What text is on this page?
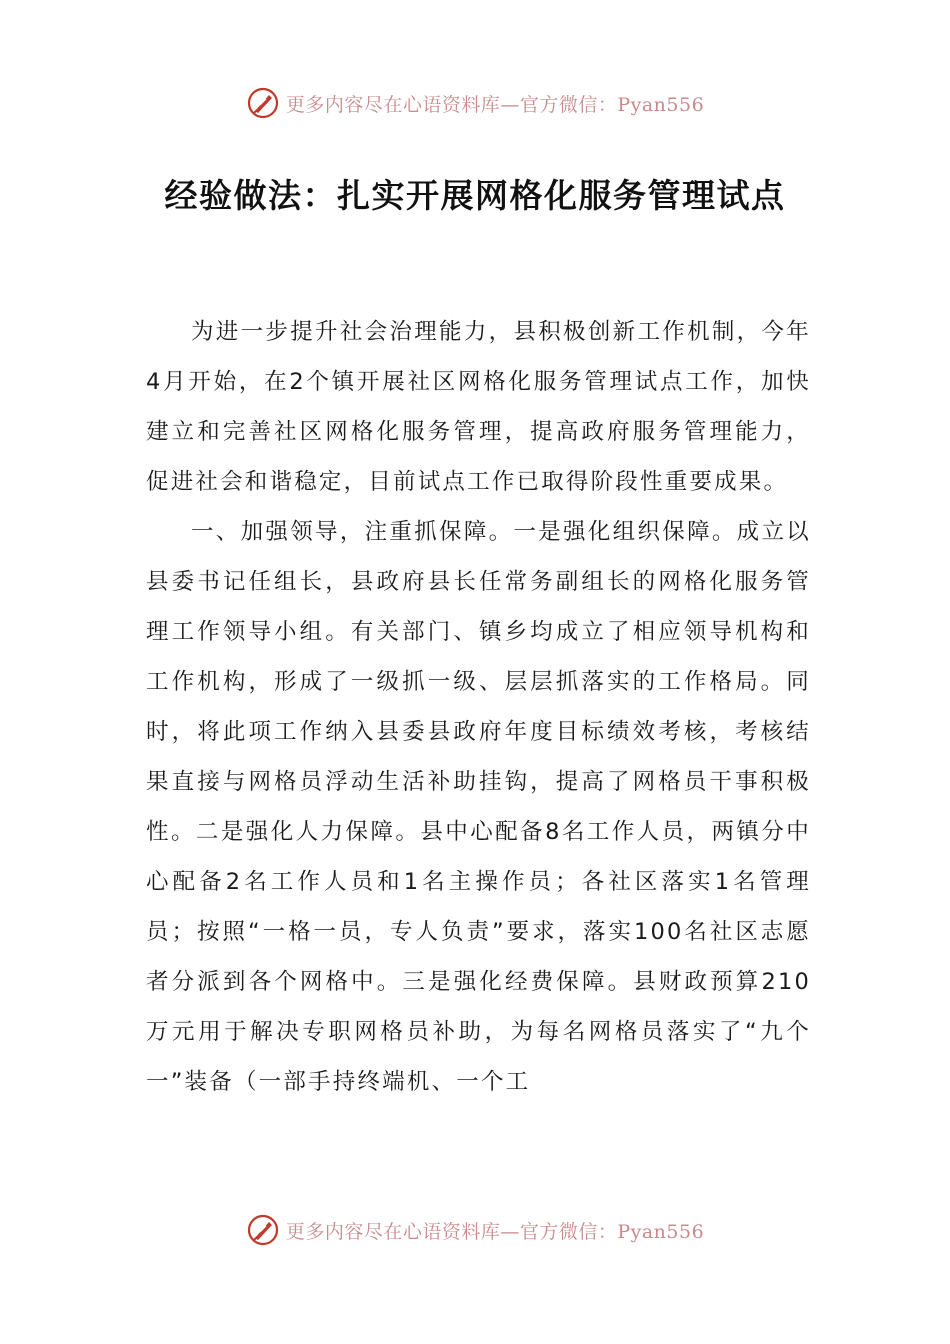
更多内容尽在心语资料库—官方微信：Pyan556
经验做法：扎实开展网格化服务管理试点

为进一步提升社会治理能力，县积极创新工作机制，今年4月开始，在2个镇开展社区网格化服务管理试点工作，加快建立和完善社区网格化服务管理，提高政府服务管理能力，促进社会和谐稳定，目前试点工作已取得阶段性重要成果。

一、加强领导，注重抓保障。一是强化组织保障。成立以县委书记任组长，县政府县长任常务副组长的网格化服务管理工作领导小组。有关部门、镇乡均成立了相应领导机构和工作机构，形成了一级抓一级、层层抓落实的工作格局。同时，将此项工作纳入县委县政府年度目标绩效考核，考核结果直接与网格员浮动生活补助挂钩，提高了网格员干事积极性。二是强化人力保障。县中心配备8名工作人员，两镇分中心配备2名工作人员和1名主操作员；各社区落实1名管理员；按照“一格一员，专人负责”要求，落实100名社区志愿者分派到各个网格中。三是强化经费保障。县财政预算210万元用于解决专职网格员补助，为每名网格员落实了“九个一”装备（一部手持终端机、一个工

更多内容尽在心语资料库—官方微信：Pyan556
